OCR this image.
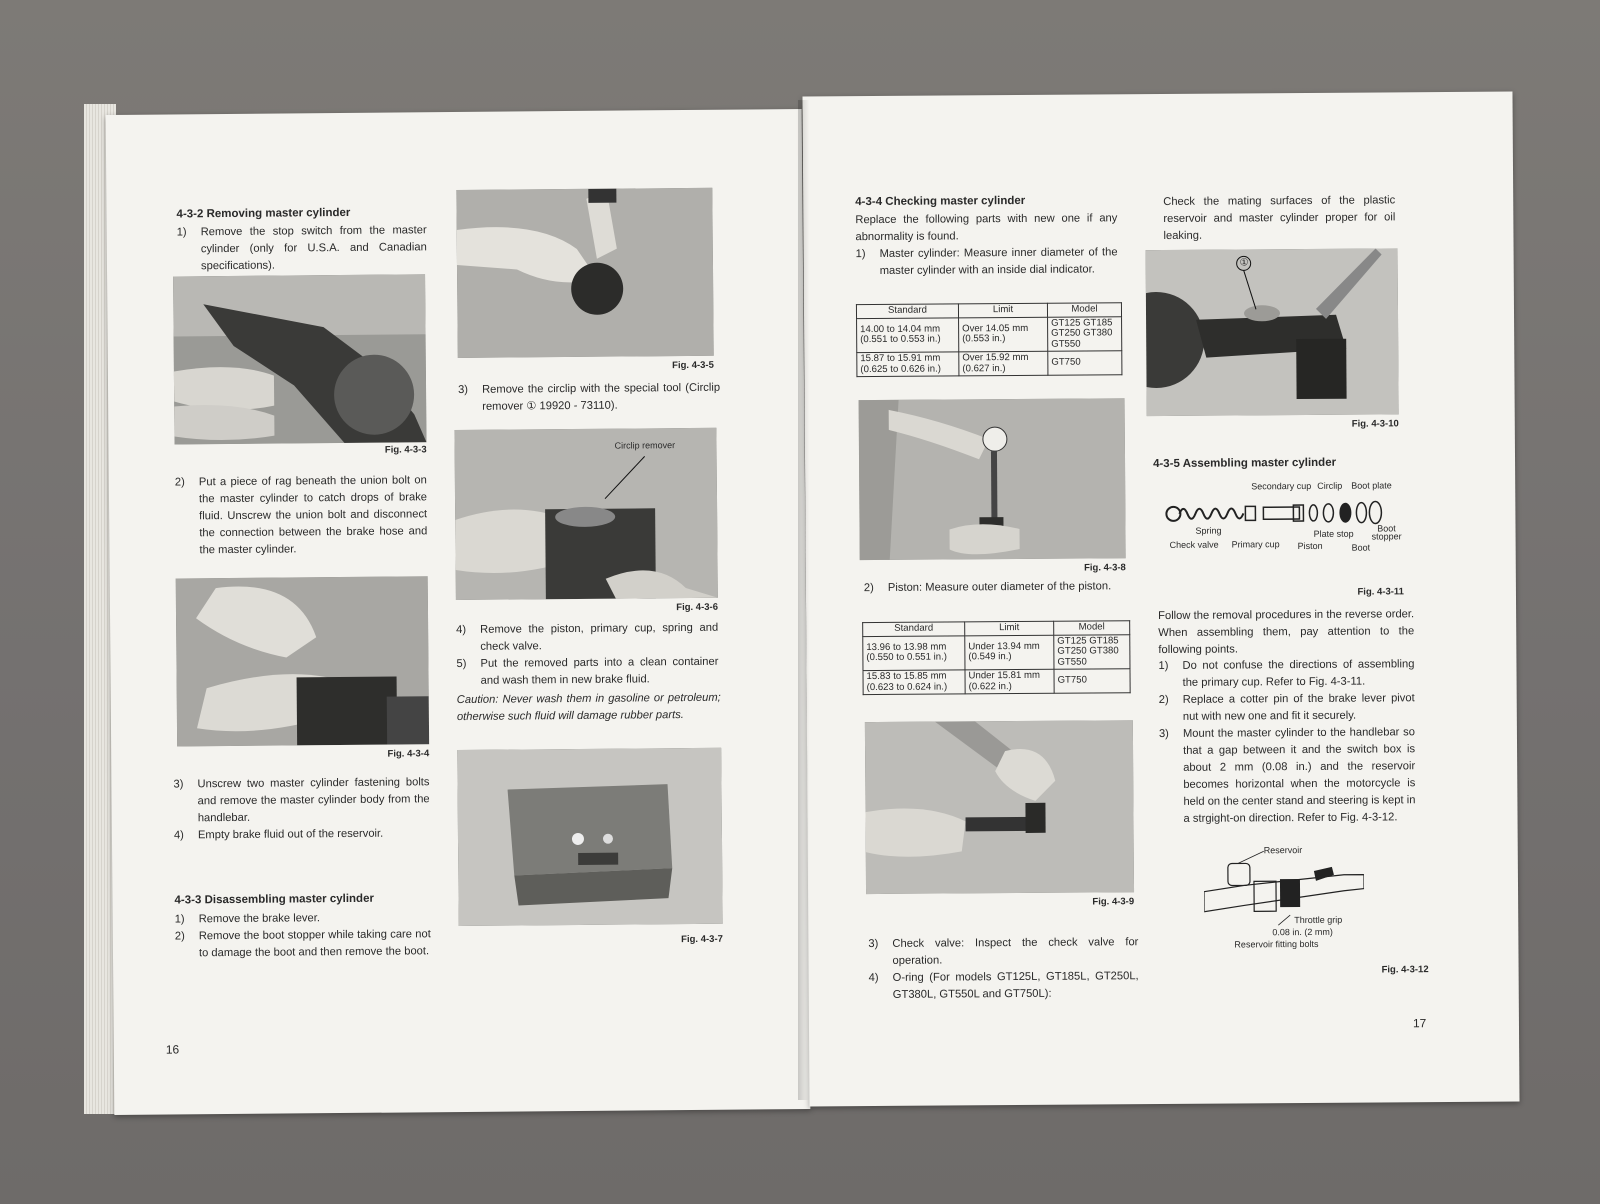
4-3-2 Removing master cylinder
1)	Remove the stop switch from the master cylinder (only for U.S.A. and Canadian specifications).
Fig. 4-3-3
2)	Put a piece of rag beneath the union bolt on the master cylinder to catch drops of brake fluid. Unscrew the union bolt and disconnect the connection between the brake hose and the master cylinder.
Fig. 4-3-4
3)	Unscrew two master cylinder fastening bolts and remove the master cylinder body from the handlebar.
4)	Empty brake fluid out of the reservoir.
4-3-3 Disassembling master cylinder
1)	Remove the brake lever.
2)	Remove the boot stopper while taking care not to damage the boot and then remove the boot.
Fig. 4-3-5
3)	Remove the circlip with the special tool (Circlip remover ① 19920 - 73110).
Circlip remover
Fig. 4-3-6
4)	Remove the piston, primary cup, spring and check valve.
5)	Put the removed parts into a clean container and wash them in new brake fluid.
Caution: Never wash them in gasoline or petroleum; otherwise such fluid will damage rubber parts.
Fig. 4-3-7
16
4-3-4 Checking master cylinder
Replace the following parts with new one if any abnormality is found.
1)	Master cylinder: Measure inner diameter of the master cylinder with an inside dial indicator.
Standard	Limit	Model
14.00 to 14.04 mm (0.551 to 0.553 in.)	Over 14.05 mm (0.553 in.)	GT125 GT185 GT250 GT380 GT550
15.87 to 15.91 mm (0.625 to 0.626 in.)	Over 15.92 mm (0.627 in.)	GT750
Fig. 4-3-8
2)	Piston: Measure outer diameter of the piston.
Standard	Limit	Model
13.96 to 13.98 mm (0.550 to 0.551 in.)	Under 13.94 mm (0.549 in.)	GT125 GT185 GT250 GT380 GT550
15.83 to 15.85 mm (0.623 to 0.624 in.)	Under 15.81 mm (0.622 in.)	GT750
Fig. 4-3-9
3)	Check valve: Inspect the check valve for operation.
4)	O-ring (For models GT125L, GT185L, GT250L, GT380L, GT550L and GT750L):
Check the mating surfaces of the plastic reservoir and master cylinder proper for oil leaking.
①
Fig. 4-3-10
4-3-5 Assembling master cylinder
Secondary cup Circlip Boot plate
Spring
Check valve Primary cup
Plate stop
Piston
Boot stopper
Boot
Fig. 4-3-11
Follow the removal procedures in the reverse order. When assembling them, pay attention to the following points.
1)	Do not confuse the directions of assembling the primary cup. Refer to Fig. 4-3-11.
2)	Replace a cotter pin of the brake lever pivot nut with new one and fit it securely.
3)	Mount the master cylinder to the handlebar so that a gap between it and the switch box is about 2 mm (0.08 in.) and the reservoir becomes horizontal when the motorcycle is held on the center stand and steering is kept in a strgight-on direction. Refer to Fig. 4-3-12.
Reservoir
Throttle grip
0.08 in. (2 mm)
Reservoir fitting bolts
Fig. 4-3-12
17
